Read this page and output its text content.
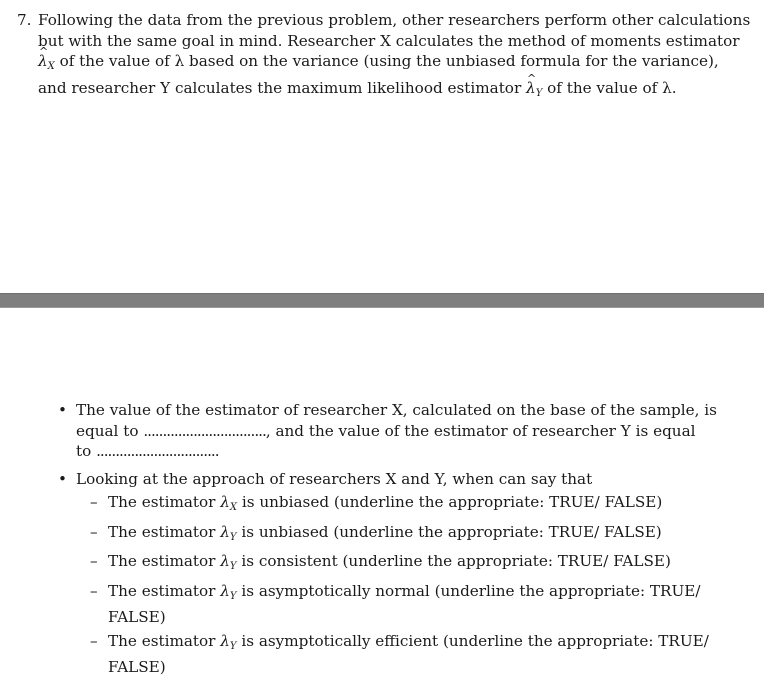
7. Following the data from the previous problem, other researchers perform other calculations
but with the same goal in mind. Researcher X calculates the method of moments estimator
^ λX of the value of λ based on the variance (using the unbiased formula for the variance),
and researcher Y calculates the maximum likelihood estimator ^ λY of the value of λ.
• The value of the estimator of researcher X, calculated on the base of the sample, is
equal to ................................, and the value of the estimator of researcher Y is equal
to ................................
• Looking at the approach of researchers X and Y, when can say that
– The estimator λX is unbiased (underline the appropriate: TRUE/ FALSE)
– The estimator λY is unbiased (underline the appropriate: TRUE/ FALSE)
– The estimator λY is consistent (underline the appropriate: TRUE/ FALSE)
– The estimator λY is asymptotically normal (underline the appropriate: TRUE/
FALSE)
– The estimator λY is asymptotically efficient (underline the appropriate: TRUE/
FALSE)
